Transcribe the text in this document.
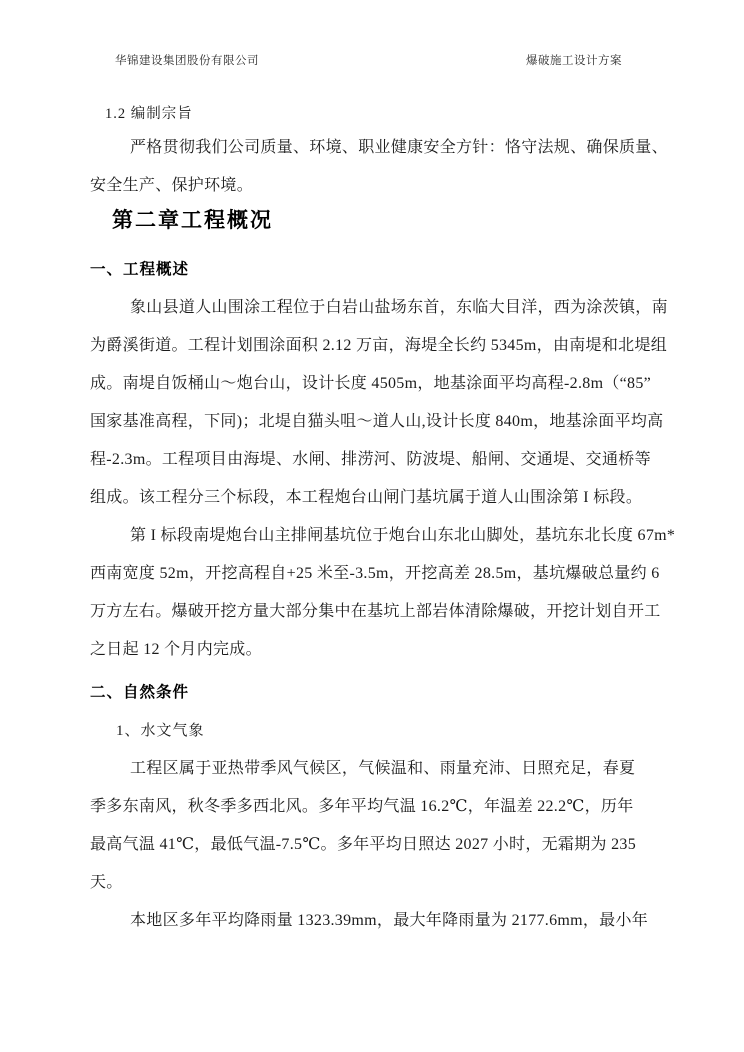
华锦建设集团股份有限公司	爆破施工设计方案
1.2 编制宗旨
严格贯彻我们公司质量、环境、职业健康安全方针：恪守法规、确保质量、
安全生产、保护环境。
第二章工程概况
一、工程概述
象山县道人山围涂工程位于白岩山盐场东首，东临大目洋，西为涂茨镇，南
为爵溪街道。工程计划围涂面积 2.12 万亩，海堤全长约 5345m，由南堤和北堤组
成。南堤自饭桶山～炮台山，设计长度 4505m，地基涂面平均高程-2.8m（“85”
国家基准高程，下同)；北堤自猫头咀～道人山,设计长度 840m，地基涂面平均高
程-2.3m。工程项目由海堤、水闸、排涝河、防波堤、船闸、交通堤、交通桥等
组成。该工程分三个标段，本工程炮台山闸门基坑属于道人山围涂第 I 标段。
第 I 标段南堤炮台山主排闸基坑位于炮台山东北山脚处，基坑东北长度 67m*
西南宽度 52m，开挖高程自+25 米至-3.5m，开挖高差 28.5m，基坑爆破总量约 6
万方左右。爆破开挖方量大部分集中在基坑上部岩体清除爆破，开挖计划自开工
之日起 12 个月内完成。
二、自然条件
1、水文气象
工程区属于亚热带季风气候区，气候温和、雨量充沛、日照充足，春夏
季多东南风，秋冬季多西北风。多年平均气温 16.2℃，年温差 22.2℃，历年
最高气温 41℃，最低气温-7.5℃。多年平均日照达 2027 小时，无霜期为 235
天。
本地区多年平均降雨量 1323.39mm，最大年降雨量为 2177.6mm，最小年
